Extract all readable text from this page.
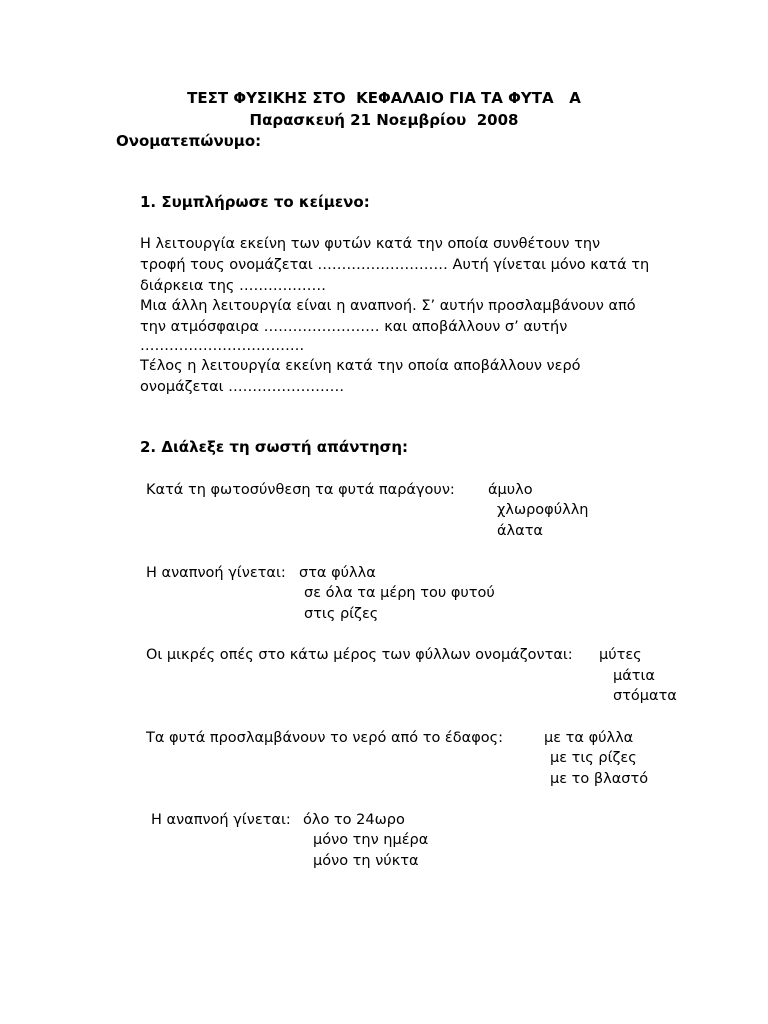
ΤΕΣΤ ΦΥΣΙΚΗΣ ΣΤΟ  ΚΕΦΑΛΑΙΟ ΓΙΑ ΤΑ ΦΥΤΑ   Α
Παρασκευή 21 Νοεμβρίου  2008
Ονοματεπώνυμο:
1. Συμπλήρωσε το κείμενο:
Η λειτουργία εκείνη των φυτών κατά την οποία συνθέτουν την
τροφή τους ονομάζεται ……………………… Αυτή γίνεται μόνο κατά τη
διάρκεια της ………………
Μια άλλη λειτουργία είναι η αναπνοή. Σ’ αυτήν προσλαμβάνουν από
την ατμόσφαιρα …………………… και αποβάλλουν σ’ αυτήν
…………………………….
Τέλος η λειτουργία εκείνη κατά την οποία αποβάλλουν νερό
ονομάζεται ……………………
2. Διάλεξε τη σωστή απάντηση:
Κατά τη φωτοσύνθεση τα φυτά παράγουν: άμυλο
χλωροφύλλη
άλατα
Η αναπνοή γίνεται: στα φύλλα
σε όλα τα μέρη του φυτού
στις ρίζες
Οι μικρές οπές στο κάτω μέρος των φύλλων ονομάζονται: μύτες
μάτια
στόματα
Τα φυτά προσλαμβάνουν το νερό από το έδαφος:	με τα φύλλα
με τις ρίζες
με το βλαστό
Η αναπνοή γίνεται: όλο το 24ωρο
μόνο την ημέρα
μόνο τη νύκτα
